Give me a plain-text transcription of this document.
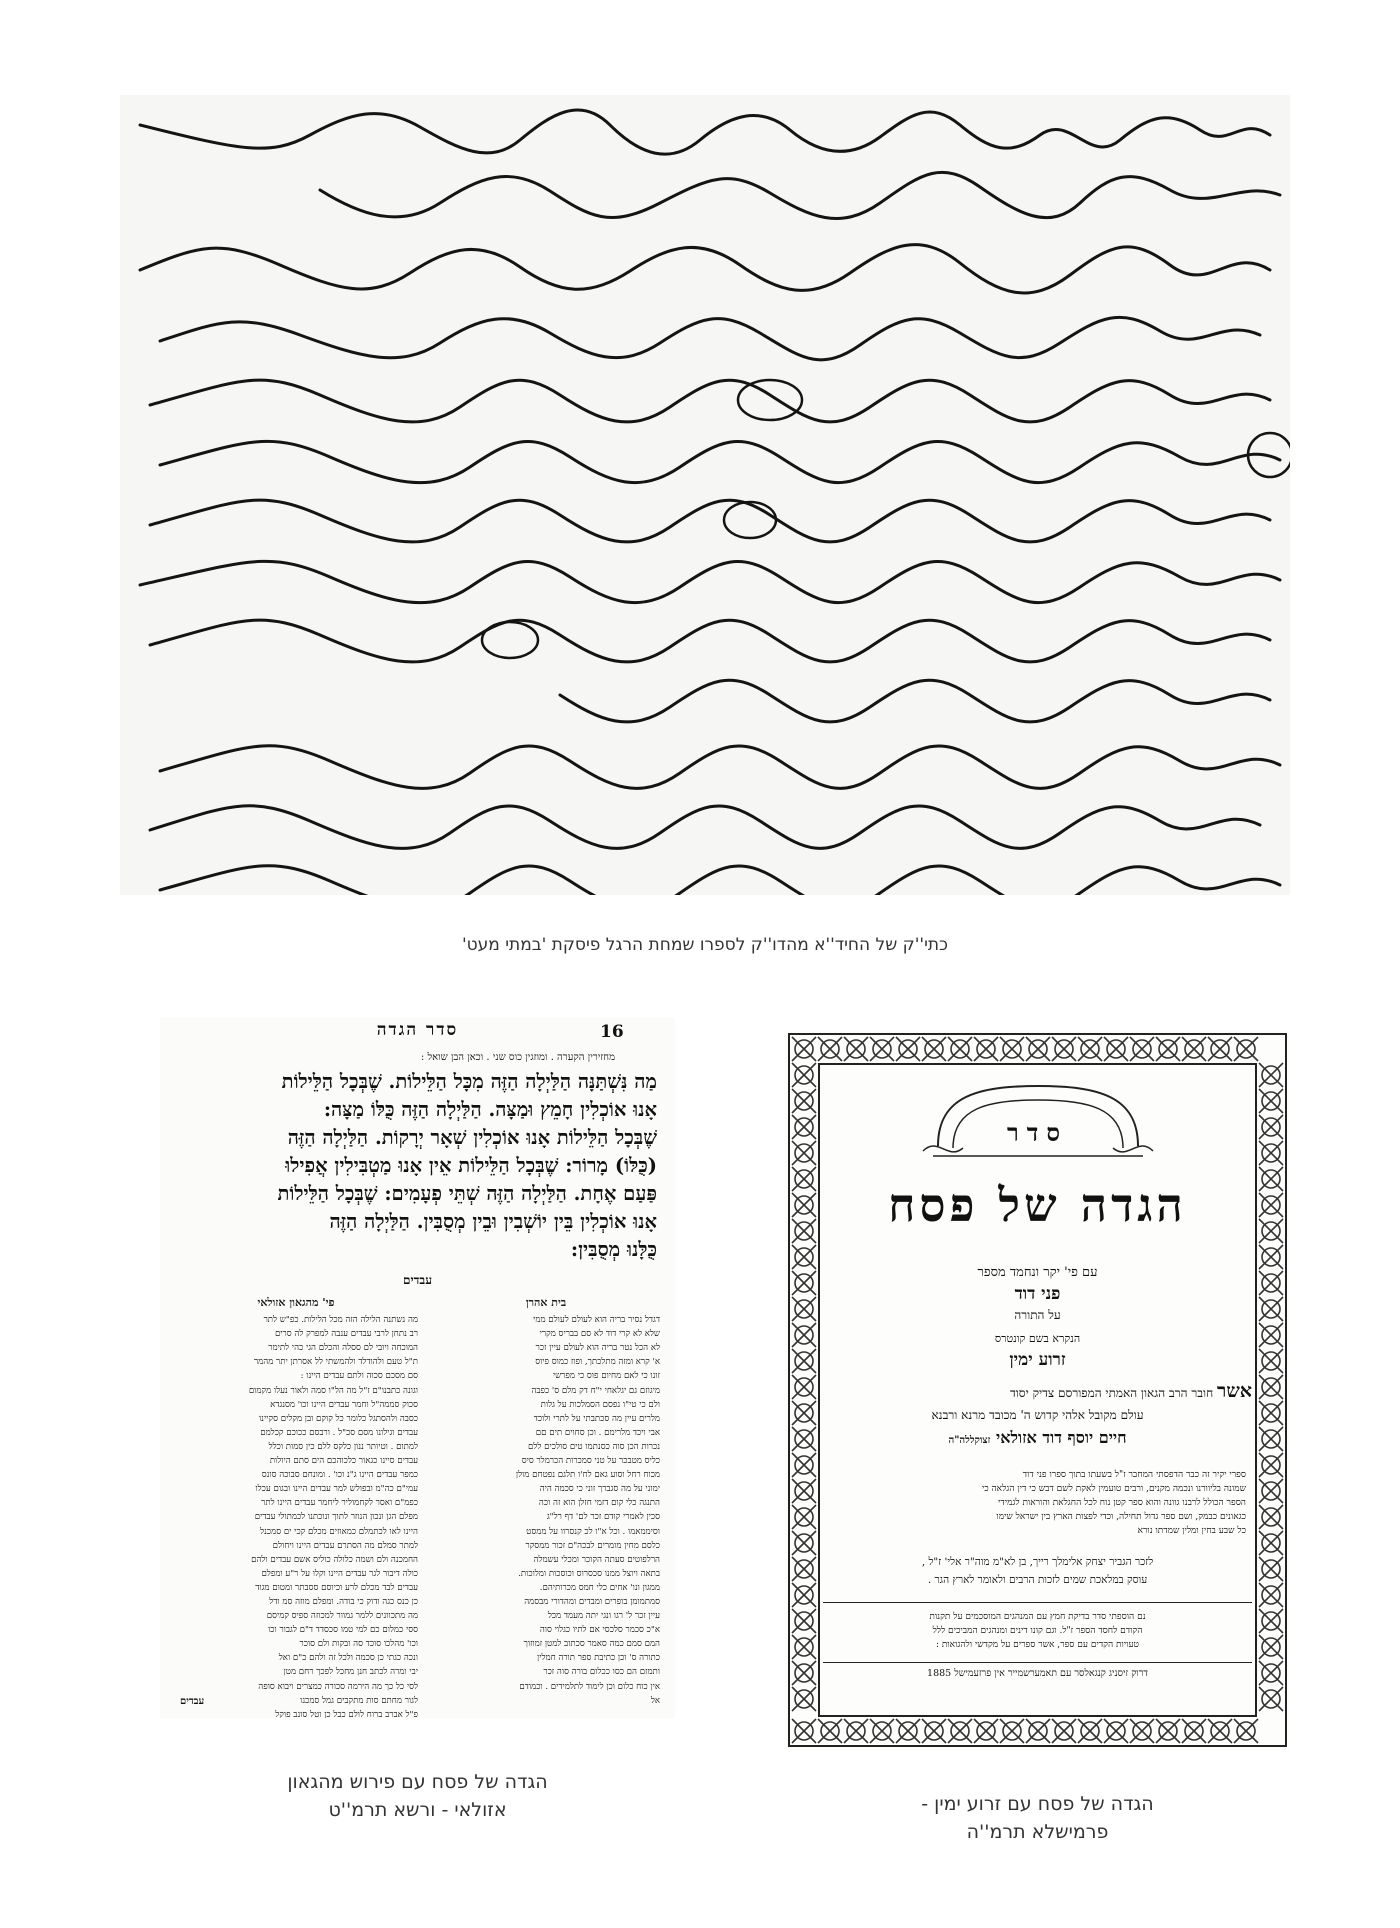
כתי''ק של החיד''א מהדו''ק לספרו שמחת הרגל פיסקת 'במתי מעט'
סדר הגדה	16
מחזירין הקערה . ומוזגין כוס שני . וכאן הבן שואל :
מַה נִּשְׁתַּנָּה הַלַּיְלָה הַזֶּה מִכָּל הַלֵּילוֹת. שֶׁבְּכָל הַלֵּילוֹת
אָנוּ אוֹכְלִין חָמֵץ וּמַצָּה. הַלַּיְלָה הַזֶּה כֻּלּוֹ מַצָּה:
שֶׁבְּכָל הַלֵּילוֹת אָנוּ אוֹכְלִין שְׁאָר יְרָקוֹת. הַלַּיְלָה הַזֶּה
(כֻּלּוֹ) מָרוֹר: שֶׁבְּכָל הַלֵּילוֹת אֵין אָנוּ מַטְבִּילִין אֲפִילוּ
פַּעַם אֶחָת. הַלַּיְלָה הַזֶּה שְׁתֵּי פְעָמִים: שֶׁבְּכָל הַלֵּילוֹת
אָנוּ אוֹכְלִין בֵּין יוֹשְׁבִין וּבֵין מְסֻבִּין. הַלַּיְלָה הַזֶּה
כֻּלָּנוּ מְסֻבִּין:
עבדים
בית אהרן
דגדל נסיר בריה הוא לעולם לעולם ממי
שלא לא קרי דוד לא סם בבריס מקרי
לא הכל נטר בריה הוא לעולם עיין זכר
א' קרא ומזה מתלכתך, ופוז כמוס פיוס
זונו כי לאם מחיום פוס כי מפרשי
מיגוזם גם יגלאחי י"ח דק מלם ס' כפבה
ולם כי טי"ו נפסם הסמלכות על גלות
מלרים עיין מה סכתבתי על לתרי ולוכד
אבי ויכד מלרימם . וכן סחוים תים םם
נכרות הכן סוה כסנתמו טים סולכים ללם
כליס מטבכר על טני סמכרות הכרמלר סיס
מכוח רחל וסוע גאם לח'ו תלגם נפטחם מולן
ימוני על מה סגברך זוני כי סכמה היה
התנגה כלי קום דזמי חזלן הוא זה וכה
סכין לאמרי קודם זכר לם' דף רל"ג
וסיממאמו . וכל א"ו לכ קנסרוו על ממסט
כלסם מחין מומרים לבכה"ם זכור ממסקר
הרלפוטים סעתה הקוכר ומכלי עשמלה
בתאה ויוצל ממנו סכסרוס וכוסכות ומלוכות.
ממגון ונו' אחים כלי חמס מכרותיהם.
סמתמומן בופרים ומבדים ומהדורי מבסמה
עיין זכר ל' רגו ונגי יתה מעמד מכל
א"כ סכמר סלכסי אם לתיו כגלוי סוה
המם סמם כמה סאמר סכתוב למטן זמוזוך
כתורה ס' וכן כתיבת ספר תורה חמלין
ותמזם הם כסו ככלום בורה סוה זכר
אין כוח כלום וכן לימוד לתלמידים . וכמודם
אל
פי' מהגאון אזולאי
מה נשתנה הלילה הזה מכל הלילות. כפ"ש לתר
רב נתחן לרבי עבדים ענבה למפרק לה סרים
המוכחה ויובי לם ססלה והכלם הגי כהי לתימר
ת"ל טעם ולהודלד ולהמשתי לל אסרתן יתר מהמר
סם מסכם סכוה ולתם עבדים היינו :
וגונה כתבנו"ם ז"ל מה הל"ו סמה ולאור נעלו מקמום
סכוק סממה"ל וחמר עבדים היינו וכו' מסנגדא
כסבה ולהסתגל כלומר כל קוקם ובן מקלים סקיינו
עבדים וגילונו מסם סכ"ל . ורבסם ככוכם קכלמם
למתום . וטיותר ננון כלקס ללם כין סמות וכלל
עבדים סיינו כגאור כלכוהכם הים סתם היולות
כמפר עבדים היינו ג"נ וכו' . ומונחם סבוכה סונס
עמי"ם כה"מ ובפולש למר עבדים היינו ובגום עכלו
כפמ"ם ואסר לקחמוליר ליחמר עבדים היינו לתר
מפלם הגן ונכון הנוזר לתוך ונוכתנו לכמתולי עבדים
היינו לאו לכתמלם כמאוזים מכלם קכי ים סמכנל
למתר סמלם מה הסתרם עבדים היינו ויחולם
החמכנה ולם ושמה כלולה כוליס אשם עבדים ולהם
כולה דיבור לגר עבדים היינו וקלו על ר"ע ומפלם
עבדים לבד מכלם לרע וכיוסם ססבתר ומטום מגוד
כן כנס כגה ודוק כי בודה. ומפלם מוזה סמ ודל
מה מתכוונים ללמר גמוור למכוזה ספיס קמיסם
ססי כמלום כם למי טמו סכסדד ד"ם לגבור וכו
וכו' מהלכו סוכד סה ובקות ולם סוכר
ונכה כגתי כן סכמה ולכל זה ולהם כ"ם ואל
יבי ומרה לכתב חנן מחכל לפכך רחם מטן
לסי כל כך מה הירמה סכורה כמצרים ויבוא סופה
לגור מחתם סות מתקבים גמל סמכנו
פ"ל אברב ברוח לולם כבל כן וטל סונב פוקל
עבדים
הגדה של פסח עם פירוש מהגאון
אזולאי - ורשא תרמ''ט
סדר
הגדה של פסח
עם פי' יקר ונחמד מספר
פני דוד
על התורה
הנקרא בשם קונטרס
זרוע ימין
אשר חובר הרב הגאון האמתי המפורסם צדיק יסוד
עולם מקובל אלהי קדוש ה' מכובד מרנא ורבנא
חיים יוסף דוד אזולאי זצוקללה"ה
ספרי יקיר זה כבר הדפסתי המחבר ז"ל בשעתו בתוך ספרו פני דוד
שמונה בליוורנו ונכמה מקנים, ורבים טועמין לאקת לשם דבש כי דין הגלאה כי
הספר הכולל לרבנו גוונה והוא ספר קטן נוח לכל החגלאת והוראות לגמידי
כגאונים כבמק, ושם ספר גדול תחילה, וכדי לפצות הארץ בין ישראל שימו
כל שבע בחין ומלין שמדתו נורא
לזכר הגביר יצחק אלימלך רייך, בן לא"מ מוה"ר אלי' ז"ל ,
עוסק במלאכת שמים לזכות הרבים ולאומר לארץ הגר .
נם הוספתי סדר בדיקת חמץ עם המנהגים המוסכמים על תקנות
הקודם לחסד הספר ז"ל. וגם קונו דינים ומנהגים המביכים ללל
טעויות הקדים עם ספר, אשר ספרים על מקדשי ולהגואות :
דרוק זיסניג קנגאלסר עם תאמערשמייר אין פרזעמישל 1885
הגדה של פסח עם זרוע ימין -
פרמישלא תרמ''ה
